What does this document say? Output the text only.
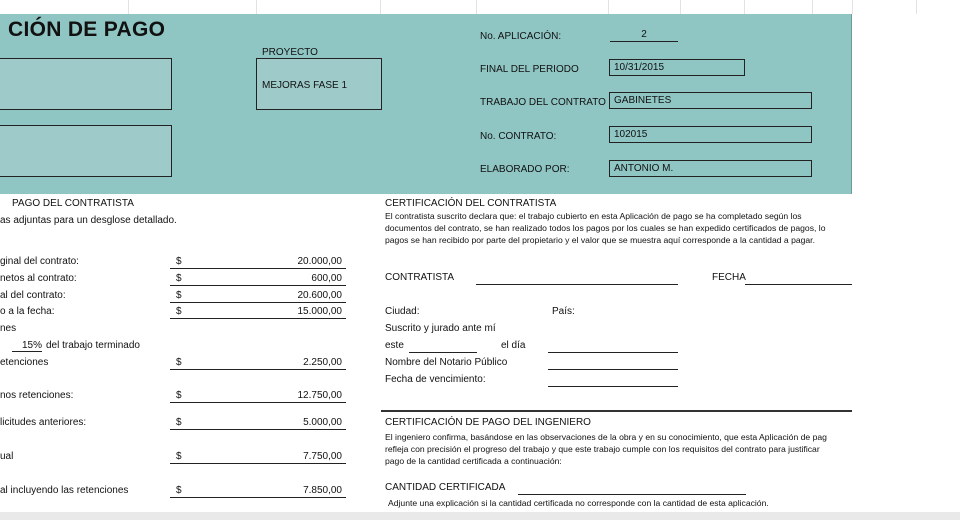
CIÓN DE PAGO
PROYECTO
MEJORAS FASE 1
No. APLICACIÓN:	2
FINAL DEL PERIODO	10/31/2015
TRABAJO DEL CONTRATO GABINETES
No. CONTRATO:	102015
ELABORADO POR:	ANTONIO M.
PAGO DEL CONTRATISTA
as adjuntas para un desglose detallado.
ginal del contrato:	$	20.000,00
netos al contrato:	$	600,00
al del contrato:	$	20.600,00
o a la fecha:	$	15.000,00
nes
15% del trabajo terminado
etenciones	$	2.250,00
nos retenciones:	$	12.750,00
licitudes anteriores:	$	5.000,00
ual	$	7.750,00
al incluyendo las retenciones	$	7.850,00
CERTIFICACIÓN DEL CONTRATISTA
El contratista suscrito declara que: el trabajo cubierto en esta Aplicación de pago se ha completado según los
documentos del contrato, se han realizado todos los pagos por los cuales se han expedido certificados de pagos, lo
pagos se han recibido por parte del propietario y el valor que se muestra aquí corresponde a la cantidad a pagar.
CONTRATISTA	FECHA
Ciudad:	País:
Suscrito y jurado ante mí
este	el día
Nombre del Notario Público
Fecha de vencimiento:
CERTIFICACIÓN DE PAGO DEL INGENIERO
El ingeniero confirma, basándose en las observaciones de la obra y en su conocimiento, que esta Aplicación de pag
refleja con precisión el progreso del trabajo y que este trabajo cumple con los requisitos del contrato para justificar
pago de la cantidad certificada a continuación:
CANTIDAD CERTIFICADA
Adjunte una explicación si la cantidad certificada no corresponde con la cantidad de esta aplicación.
